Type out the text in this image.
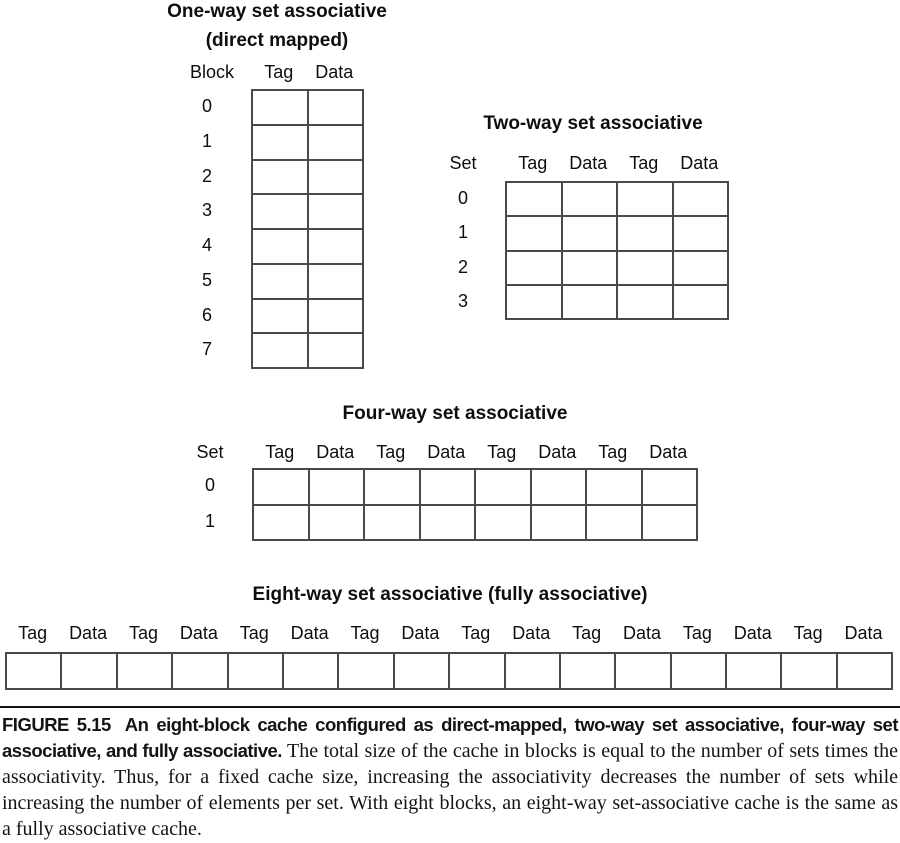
One-way set associative
(direct mapped)
Block	Tag	Data
0
1
2
3
4
5
6
7
Two-way set associative
Set	Tag	Data	Tag	Data
0
1
2
3
Four-way set associative
Set	Tag	Data	Tag	Data	Tag	Data	Tag	Data
0
1
Eight-way set associative (fully associative)
Tag	Data	Tag	Data	Tag	Data	Tag	Data	Tag	Data	Tag	Data	Tag	Data	Tag	Data

FIGURE 5.15 An eight-block cache configured as direct-mapped, two-way set associative, four-way set associative, and fully associative. The total size of the cache in blocks is equal to the number of sets times the associativity. Thus, for a fixed cache size, increasing the associativity decreases the number of sets while increasing the number of elements per set. With eight blocks, an eight-way set-associative cache is the same as a fully associative cache.
